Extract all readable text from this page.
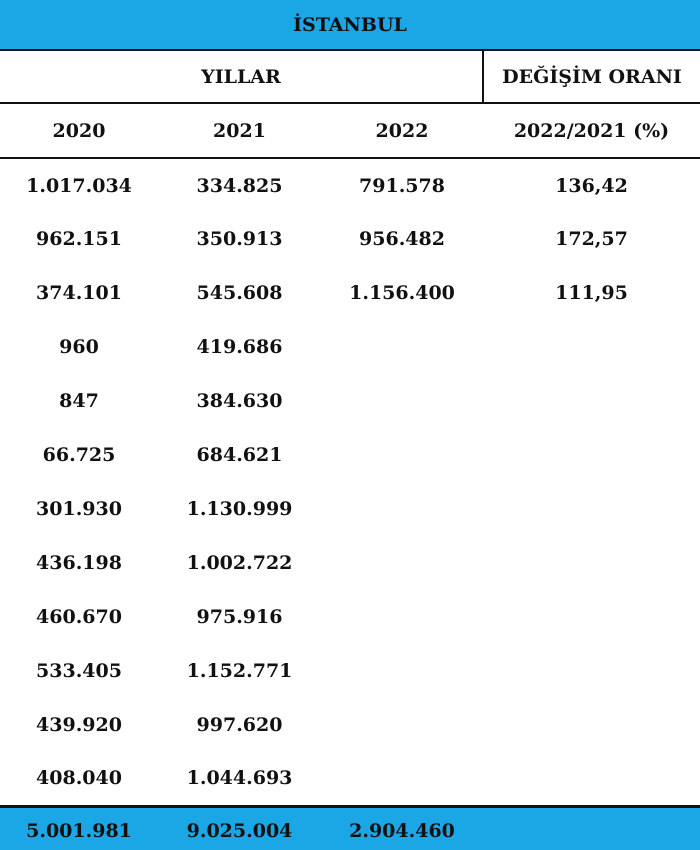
İSTANBUL			
YILLAR			DEĞİŞİM ORANI
2020	2021	2022	2022/2021 (%)
1.017.034	334.825	791.578	136,42
962.151	350.913	956.482	172,57
374.101	545.608	1.156.400	111,95
960	419.686		
847	384.630		
66.725	684.621		
301.930	1.130.999		
436.198	1.002.722		
460.670	975.916		
533.405	1.152.771		
439.920	997.620		
408.040	1.044.693		
5.001.981	9.025.004	2.904.460	
